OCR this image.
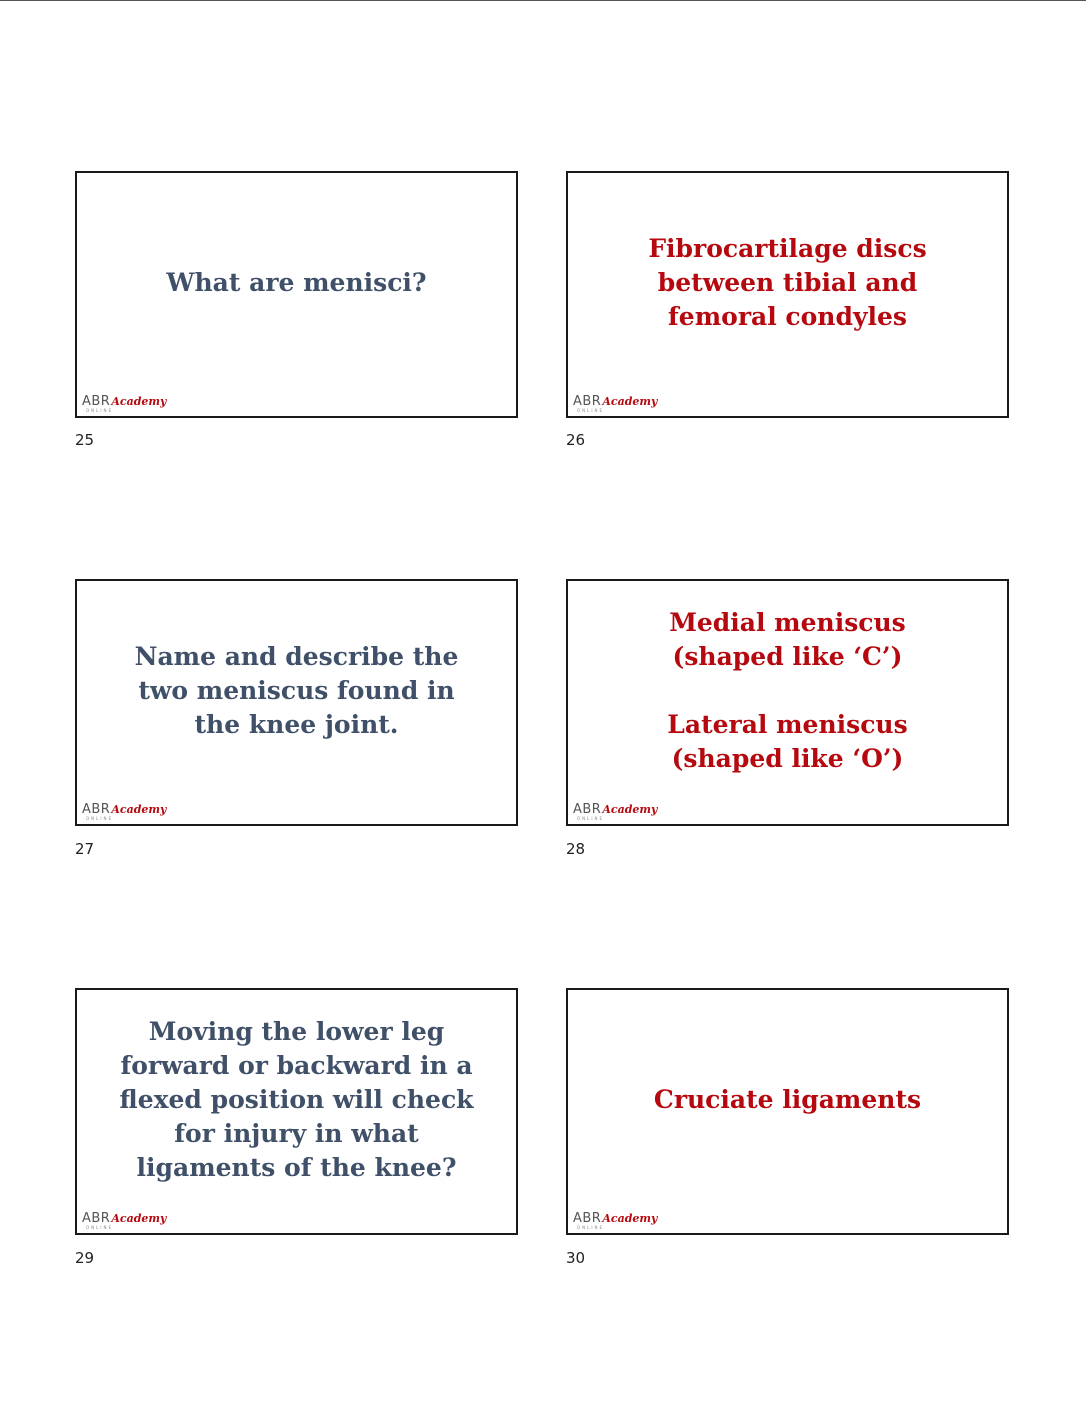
What are menisci?
ABR Academy
ONLINE
25
Fibrocartilage discs
between tibial and
femoral condyles
ABR Academy
ONLINE
26
Name and describe the
two meniscus found in
the knee joint.
ABR Academy
ONLINE
27
Medial meniscus
(shaped like ‘C’)

Lateral meniscus
(shaped like ‘O’)
ABR Academy
ONLINE
28
Moving the lower leg
forward or backward in a
flexed position will check
for injury in what
ligaments of the knee?
ABR Academy
ONLINE
29
Cruciate ligaments
ABR Academy
ONLINE
30
